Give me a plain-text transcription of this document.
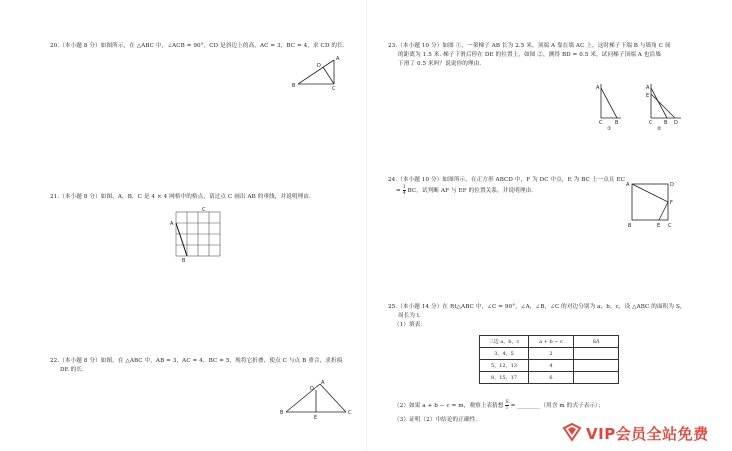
20.（本小题 8 分）如图所示，在 △ABC 中，∠ACB = 90°，CD 是斜边上的高，AC = 3，BC = 4，求 CD 的长.
A
B	C
D
21.（本小题 8 分）如图，A，B，C 是 4 × 4 网格中的格点，请过点 C 画出 AB 的垂线，并说明理由.
A
B
C
22.（本小题 8 分）如图，在 △ABC 中，AB = 3，AC = 4，BC = 5，现将它折叠，使点 C 与点 B 重合，求折痕
DE 的长.
A
B	C
D
E
23.（本小题 10 分）如图 ①，一架梯子 AB 长为 2.5 米，顶端 A 靠在墙 AC 上，这时梯子下端 B 与墙角 C 间
的距离为 1.5 米. 梯子下滑后停在 DE 的位置上，如图 ②，测得 BD = 0.5 米，试问梯子顶端 A 也沿墙
下滑了 0.5 米吗？说说你的理由.
A
C	B
①
A
E
C B D
②
24.（本小题 10 分）如图所示，在正方形 ABCD 中，F 为 DC 中点，E 为 BC 上一点且 EC
= $\frac{1}{4}$ BC，试判断 AF 与 EF 的位置关系，并说明理由.
A	D
F
B	E C
25.（本小题 14 分）在 Rt△ABC 中，∠C = 90°，∠A，∠B，∠C 的对边分别为 a，b，c，设 △ABC 的面积为 S，
周长为 l.
（1）填表：
三边 a，b，c	a + b − c	S/l
3，4，5	2	
5，12，13	4	
8，15，17	6	
（2）如果 a + b − c = m，观察上表猜想 $\frac{S}{l}$ = ________（用含 m 的式子表示）；
（3）证明（2）中结论的正确性.
VIP会员全站免费
